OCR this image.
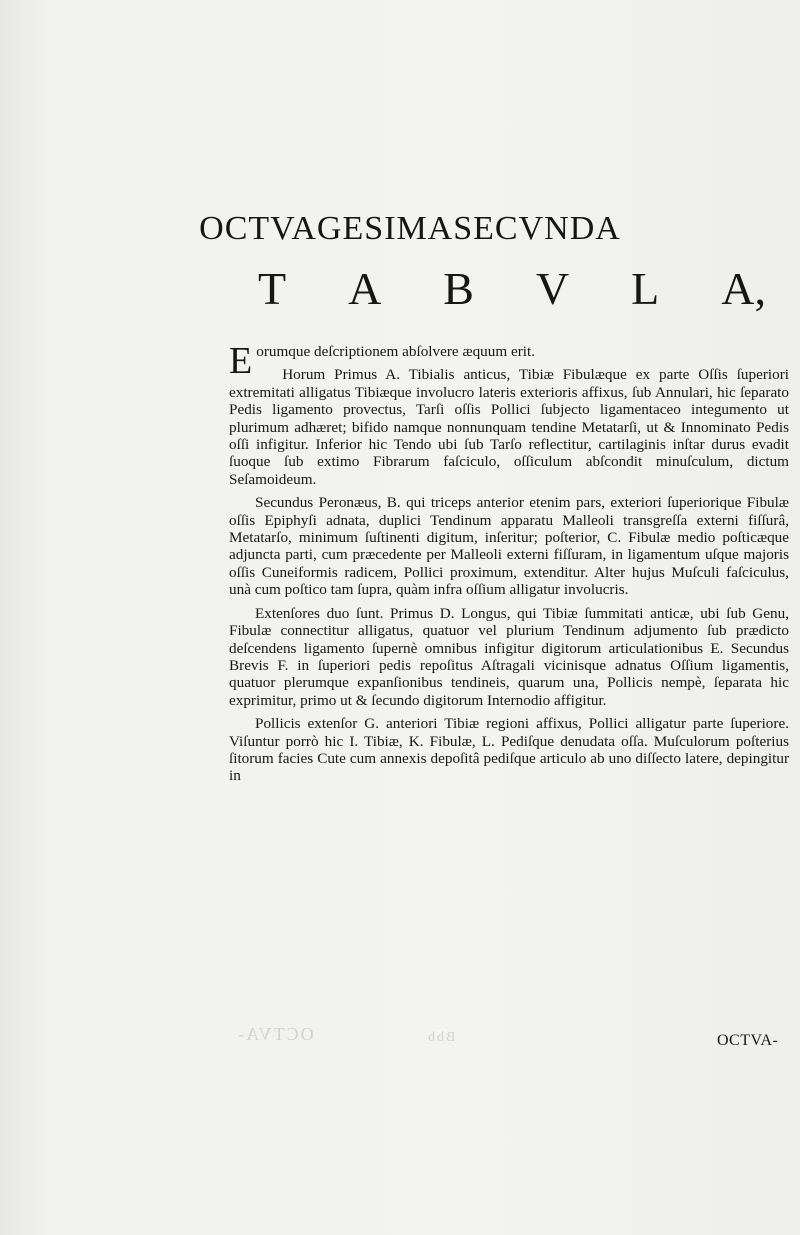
OCTVA-	Bbb
OCTVAGESIMASECVNDA
T A B V L A,

Eorumque deſcriptionem abſolvere æquum erit.

Horum Primus A. Tibialis anticus, Tibiæ Fibulæque ex parte Oſſis ſuperiori extremitati alligatus Tibiæque involucro lateris exterioris affixus, ſub Annulari, hic ſeparato Pedis ligamento provectus, Tarſi oſſis Pollici ſubjecto ligamentaceo integumento ut plurimum adhæret; bifido namque nonnunquam tendine Metatarſi, ut & Innominato Pedis oſſi infigitur. Inferior hic Tendo ubi ſub Tarſo reflectitur, cartilaginis inſtar durus evadit ſuoque ſub extimo Fibrarum faſciculo, oſſiculum abſcondit minuſculum, dictum Seſamoideum.

Secundus Peronæus, B. qui triceps anterior etenim pars, exteriori ſuperiorique Fibulæ oſſis Epiphyſi adnata, duplici Tendinum apparatu Malleoli transgreſſa externi fiſſurâ, Metatarſo, minimum ſuſtinenti digitum, inſeritur; poſterior, C. Fibulæ medio poſticæque adjuncta parti, cum præcedente per Malleoli externi fiſſuram, in ligamentum uſque majoris oſſis Cuneiformis radicem, Pollici proximum, extenditur. Alter hujus Muſculi faſciculus, unà cum poſtico tam ſupra, quàm infra oſſium alligatur involucris.

Extenſores duo ſunt. Primus D. Longus, qui Tibiæ ſummitati anticæ, ubi ſub Genu, Fibulæ connectitur alligatus, quatuor vel plurium Tendinum adjumento ſub prædicto deſcendens ligamento ſupernè omnibus infigitur digitorum articulationibus E. Secundus Brevis F. in ſuperiori pedis repoſitus Aſtragali vicinisque adnatus Oſſium ligamentis, quatuor plerumque expanſionibus tendineis, quarum una, Pollicis nempè, ſeparata hic exprimitur, primo ut & ſecundo digitorum Internodio affigitur.

Pollicis extenſor G. anteriori Tibiæ regioni affixus, Pollici alligatur parte ſuperiore. Viſuntur porrò hic I. Tibiæ, K. Fibulæ, L. Pediſque denudata oſſa. Muſculorum poſterius ſitorum facies Cute cum annexis depoſitâ pediſque articulo ab uno diſſecto latere, depingitur in

OCTVA-
